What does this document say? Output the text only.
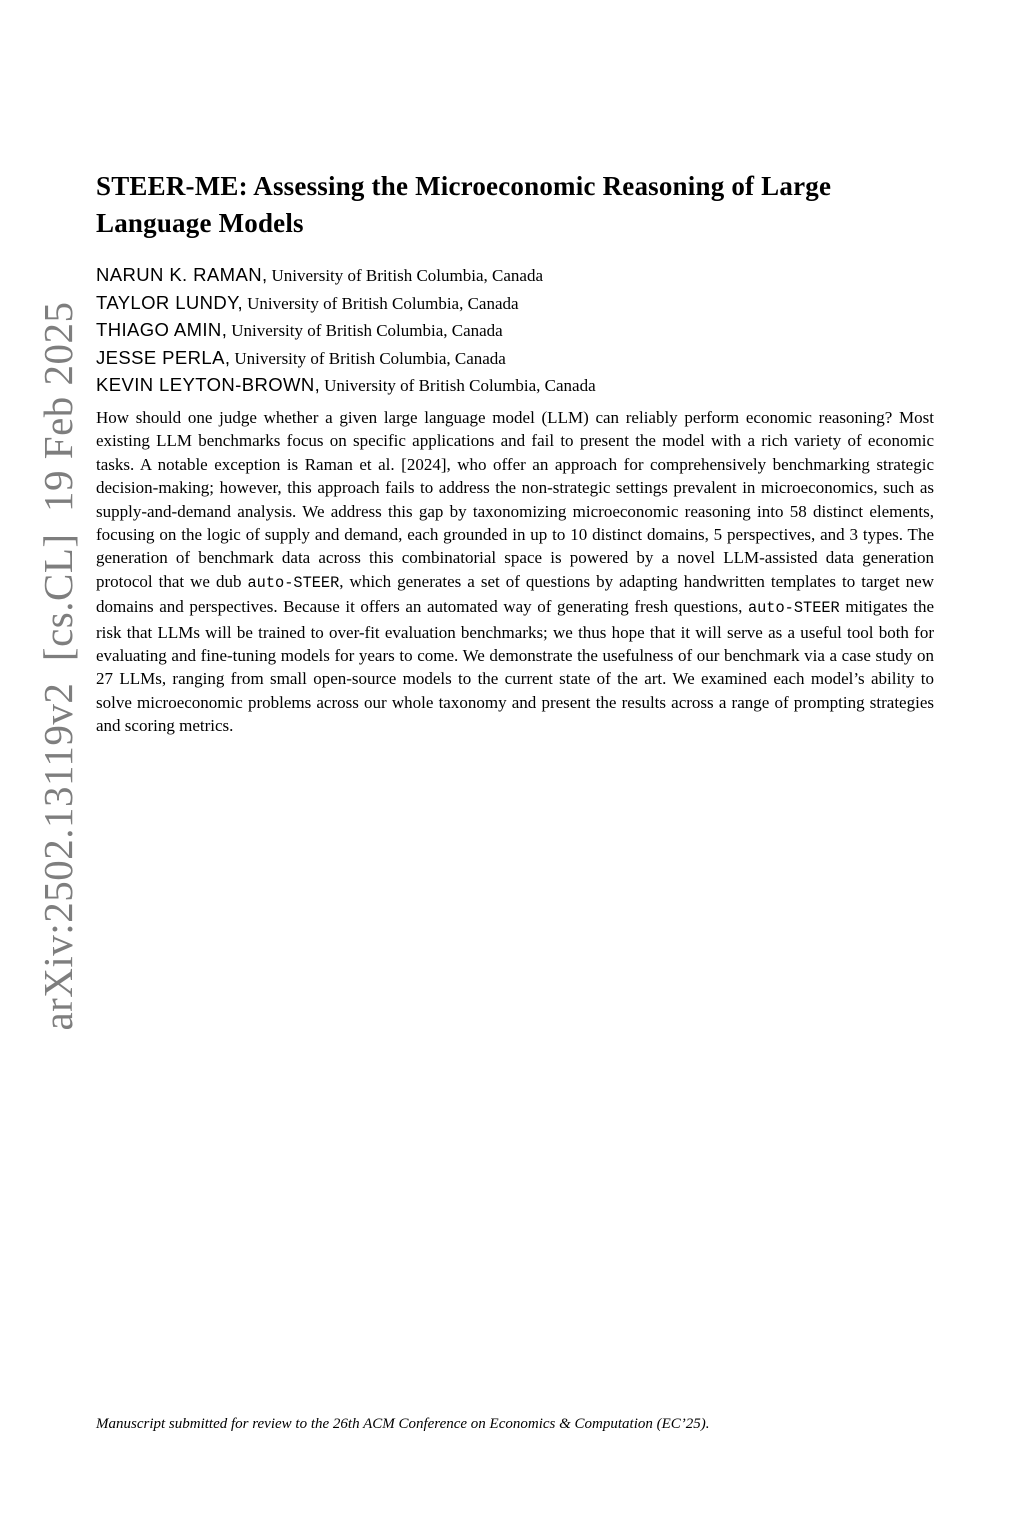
arXiv:2502.13119v2  [cs.CL]  19 Feb 2025
STEER-ME: Assessing the Microeconomic Reasoning of Large Language Models
NARUN K. RAMAN, University of British Columbia, Canada
TAYLOR LUNDY, University of British Columbia, Canada
THIAGO AMIN, University of British Columbia, Canada
JESSE PERLA, University of British Columbia, Canada
KEVIN LEYTON-BROWN, University of British Columbia, Canada

How should one judge whether a given large language model (LLM) can reliably perform economic reasoning? Most existing LLM benchmarks focus on specific applications and fail to present the model with a rich variety of economic tasks. A notable exception is Raman et al. [2024], who offer an approach for comprehensively benchmarking strategic decision-making; however, this approach fails to address the non-strategic settings prevalent in microeconomics, such as supply-and-demand analysis. We address this gap by taxonomizing microeconomic reasoning into 58 distinct elements, focusing on the logic of supply and demand, each grounded in up to 10 distinct domains, 5 perspectives, and 3 types. The generation of benchmark data across this combinatorial space is powered by a novel LLM-assisted data generation protocol that we dub auto-STEER, which generates a set of questions by adapting handwritten templates to target new domains and perspectives. Because it offers an automated way of generating fresh questions, auto-STEER mitigates the risk that LLMs will be trained to over-fit evaluation benchmarks; we thus hope that it will serve as a useful tool both for evaluating and fine-tuning models for years to come. We demonstrate the usefulness of our benchmark via a case study on 27 LLMs, ranging from small open-source models to the current state of the art. We examined each model’s ability to solve microeconomic problems across our whole taxonomy and present the results across a range of prompting strategies and scoring metrics.

Manuscript submitted for review to the 26th ACM Conference on Economics & Computation (EC’25).
